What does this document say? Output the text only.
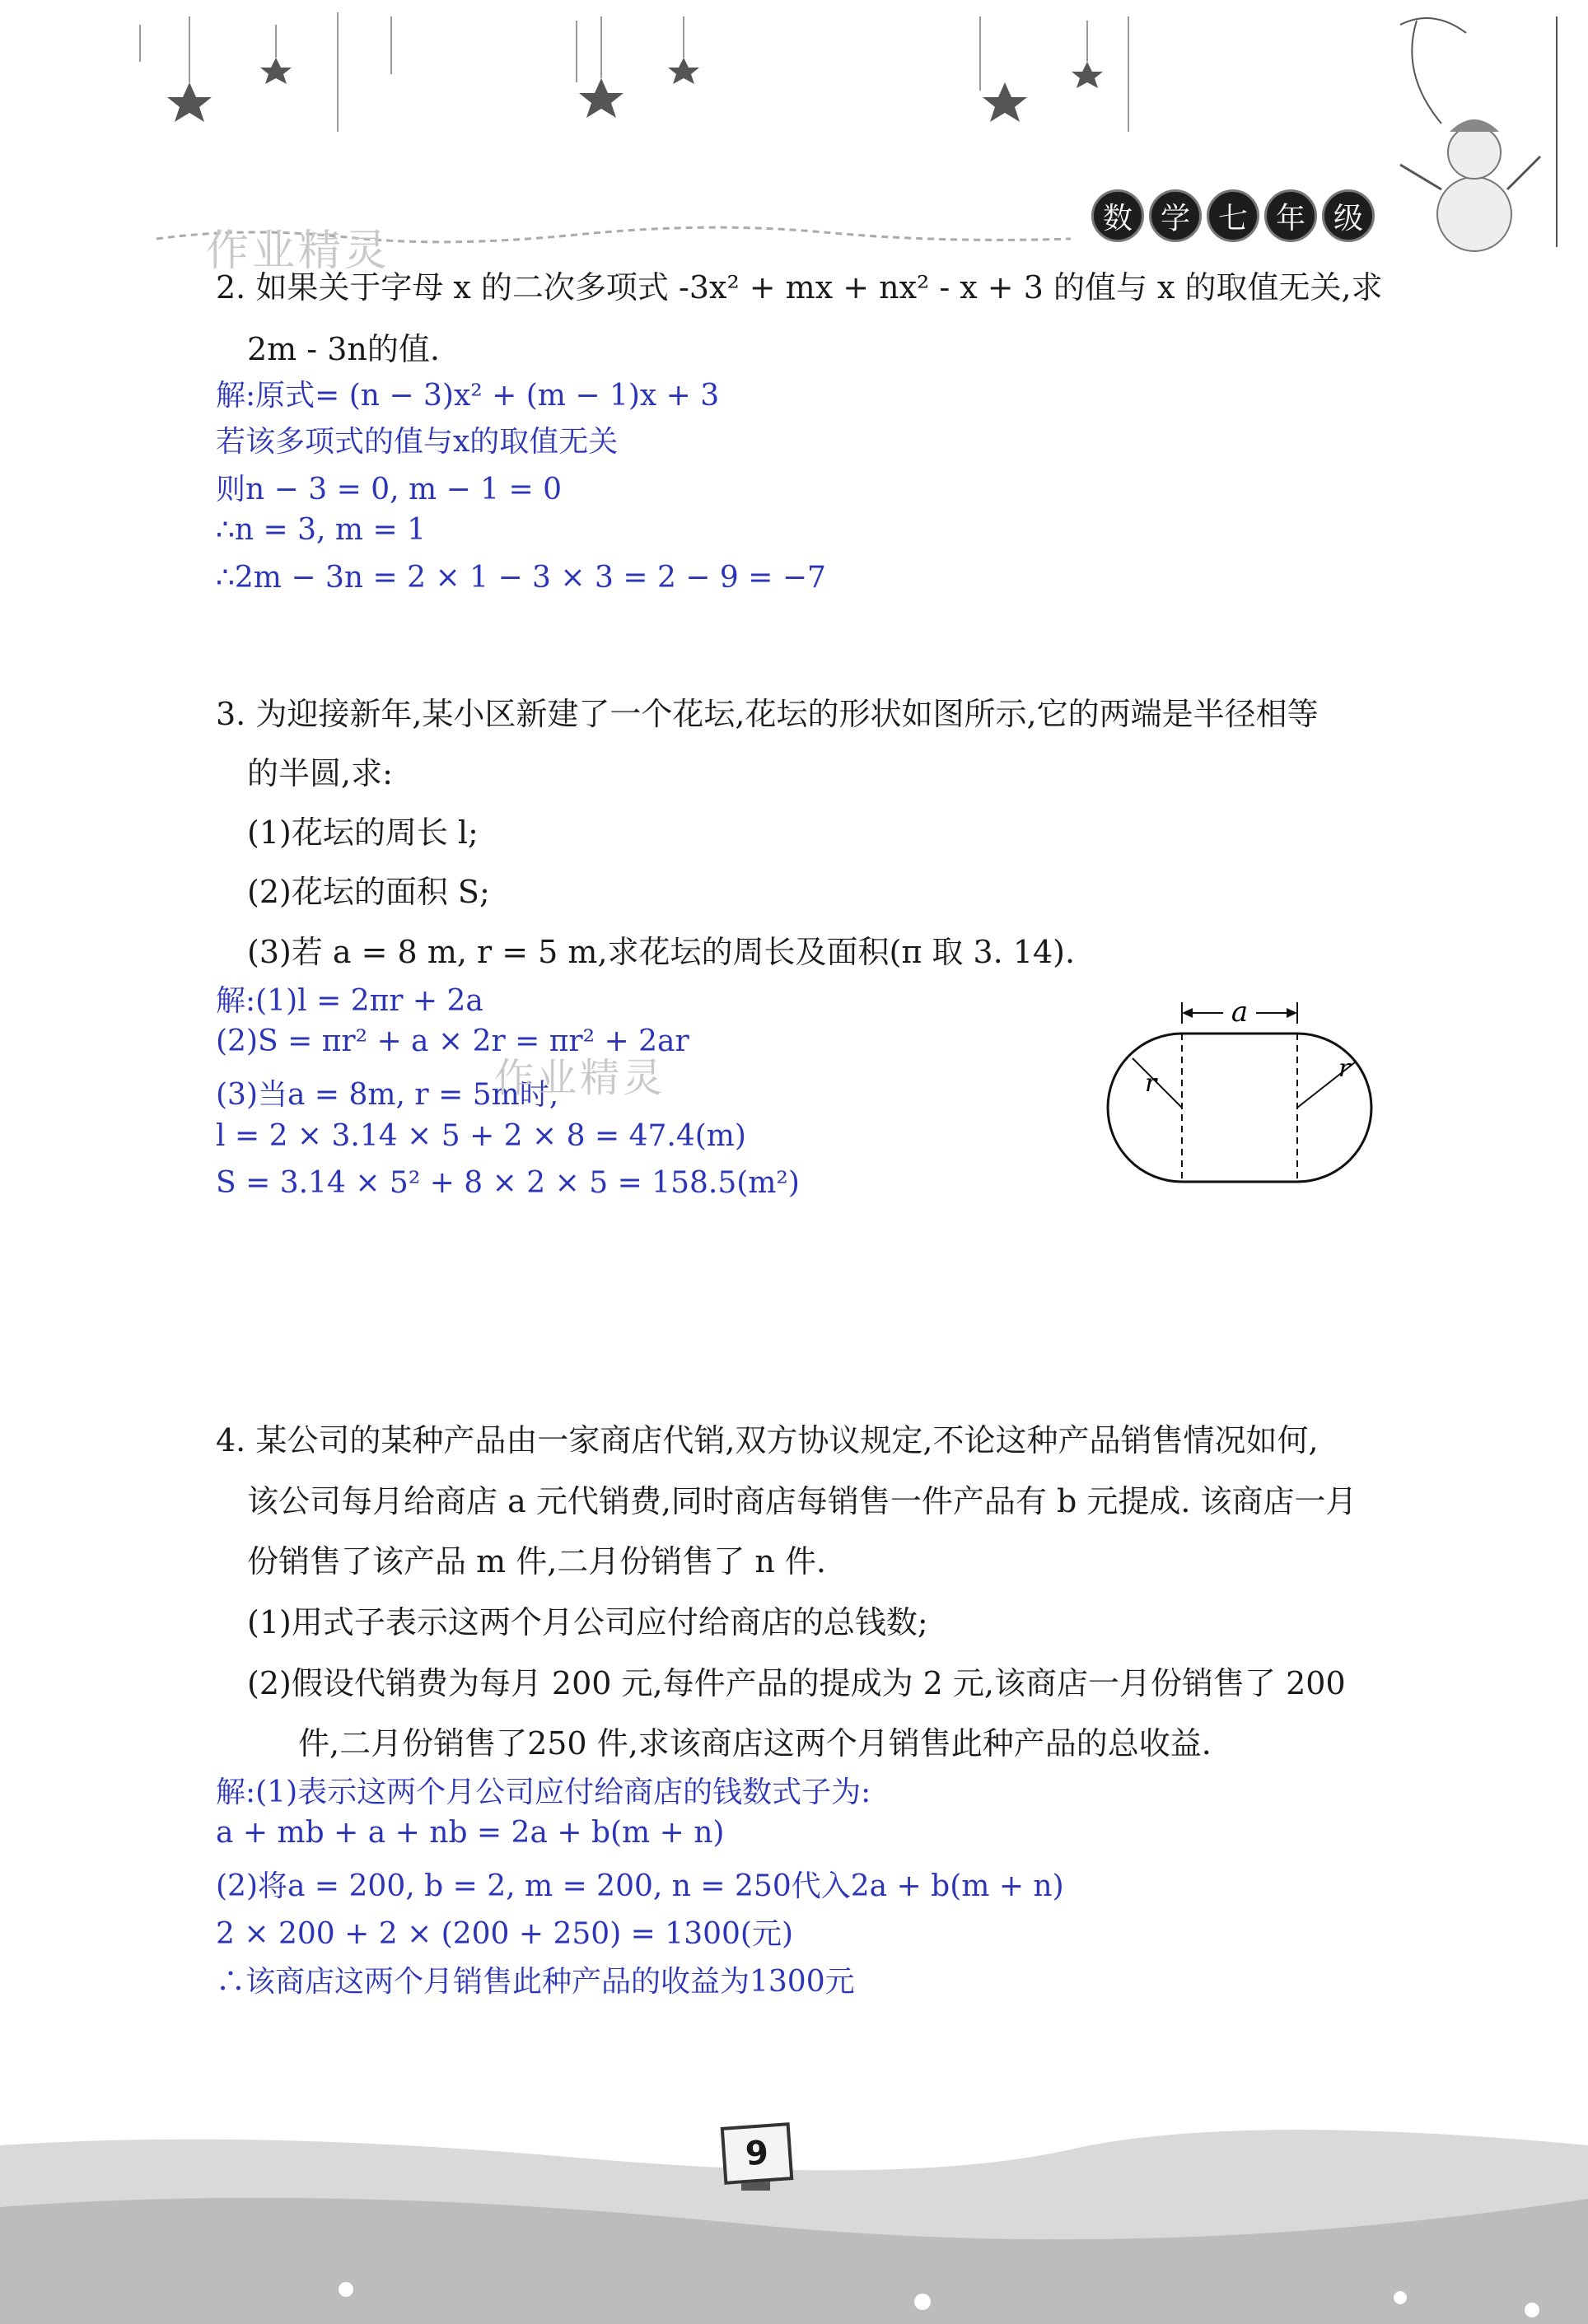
作业精灵
数 学 七 年 级
2. 如果关于字母 x 的二次多项式 -3x² + mx + nx² - x + 3 的值与 x 的取值无关,求
2m - 3n的值.
解:原式= (n − 3)x² + (m − 1)x + 3
若该多项式的值与x的取值无关
则n − 3 = 0, m − 1 = 0
∴n = 3, m = 1
∴2m − 3n = 2 × 1 − 3 × 3 = 2 − 9 = −7
3. 为迎接新年,某小区新建了一个花坛,花坛的形状如图所示,它的两端是半径相等
的半圆,求:
(1)花坛的周长 l;
(2)花坛的面积 S;
(3)若 a = 8 m, r = 5 m,求花坛的周长及面积(π 取 3. 14).
解:(1)l = 2πr + 2a
(2)S = πr² + a × 2r = πr² + 2ar
(3)当a = 8m, r = 5m时,
l = 2 × 3.14 × 5 + 2 × 8 = 47.4(m)
S = 3.14 × 5² + 8 × 2 × 5 = 158.5(m²)
作业精灵
a
r
r
4. 某公司的某种产品由一家商店代销,双方协议规定,不论这种产品销售情况如何,
该公司每月给商店 a 元代销费,同时商店每销售一件产品有 b 元提成. 该商店一月
份销售了该产品 m 件,二月份销售了 n 件.
(1)用式子表示这两个月公司应付给商店的总钱数;
(2)假设代销费为每月 200 元,每件产品的提成为 2 元,该商店一月份销售了 200
件,二月份销售了250 件,求该商店这两个月销售此种产品的总收益.
解:(1)表示这两个月公司应付给商店的钱数式子为:
a + mb + a + nb = 2a + b(m + n)
(2)将a = 200, b = 2, m = 200, n = 250代入2a + b(m + n)
2 × 200 + 2 × (200 + 250) = 1300(元)
∴该商店这两个月销售此种产品的收益为1300元
9
